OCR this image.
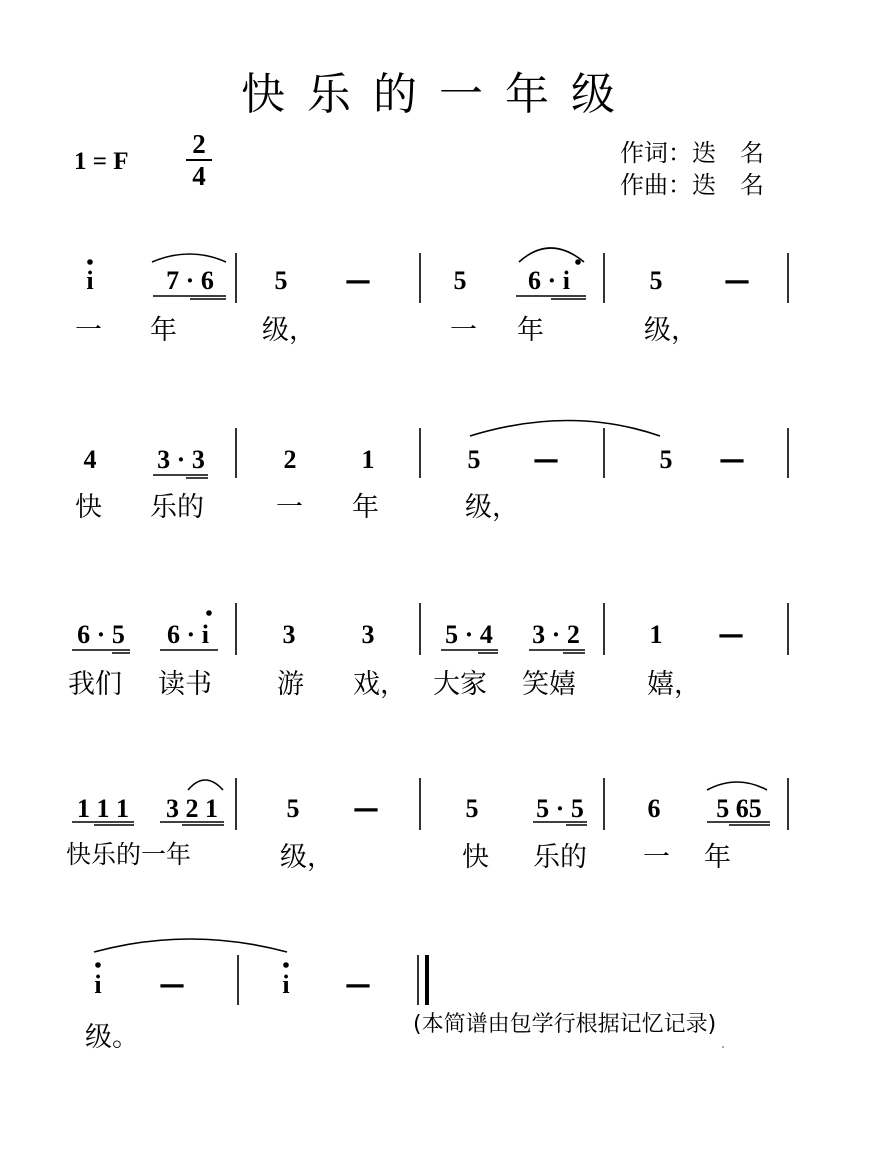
快乐的一年级
1 = F
2
4
作词：迭　名
作曲：迭　名
i	7 · 6	5	—	5	6 · i	5	—
一 年	级，	一 年	级，
4	3 · 3	2	1	5	—	5	—
快 乐的	一 年	级，
6 · 5	6 · i	3	3	5 · 4	3 · 2	1	—
我们 读书 游 戏， 大家 笑嬉	嬉，
1 1 1	3 2 1	5	—	5	5 · 5	6	5 65
快乐的一年	级，	快 乐的 一 年
i	—	i	—
级。	(本简谱由包学行根据记忆记录)
